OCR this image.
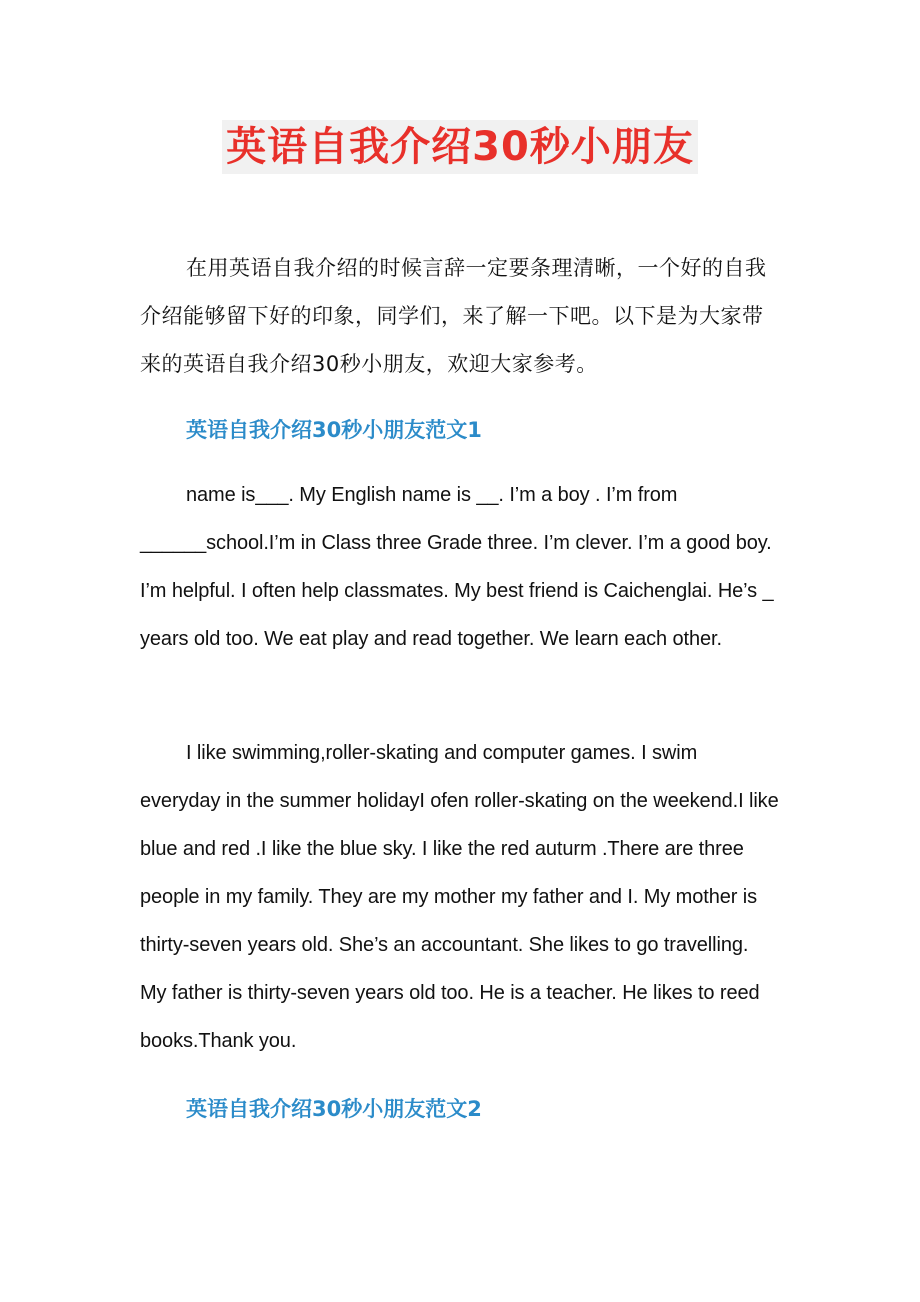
英语自我介绍30秒小朋友

在用英语自我介绍的时候言辞一定要条理清晰，一个好的自我介绍能够留下好的印象，同学们，来了解一下吧。以下是为大家带来的英语自我介绍30秒小朋友，欢迎大家参考。

英语自我介绍30秒小朋友范文1

name is___. My English name is __. I’m a boy . I’m from ______school.I’m in Class three Grade three. I’m clever. I’m a good boy. I’m helpful. I often help classmates. My best friend is Caichenglai. He’s _ years old too. We eat play and read together. We learn each other.

I like swimming,roller-skating and computer games. I swim everyday in the summer holidayI ofen roller-skating on the weekend.I like blue and red .I like the blue sky. I like the red auturm .There are three people in my family. They are my mother my father and I. My mother is thirty-seven years old. She’s an accountant. She likes to go travelling. My father is thirty-seven years old too. He is a teacher. He likes to reed books.Thank you.

英语自我介绍30秒小朋友范文2
